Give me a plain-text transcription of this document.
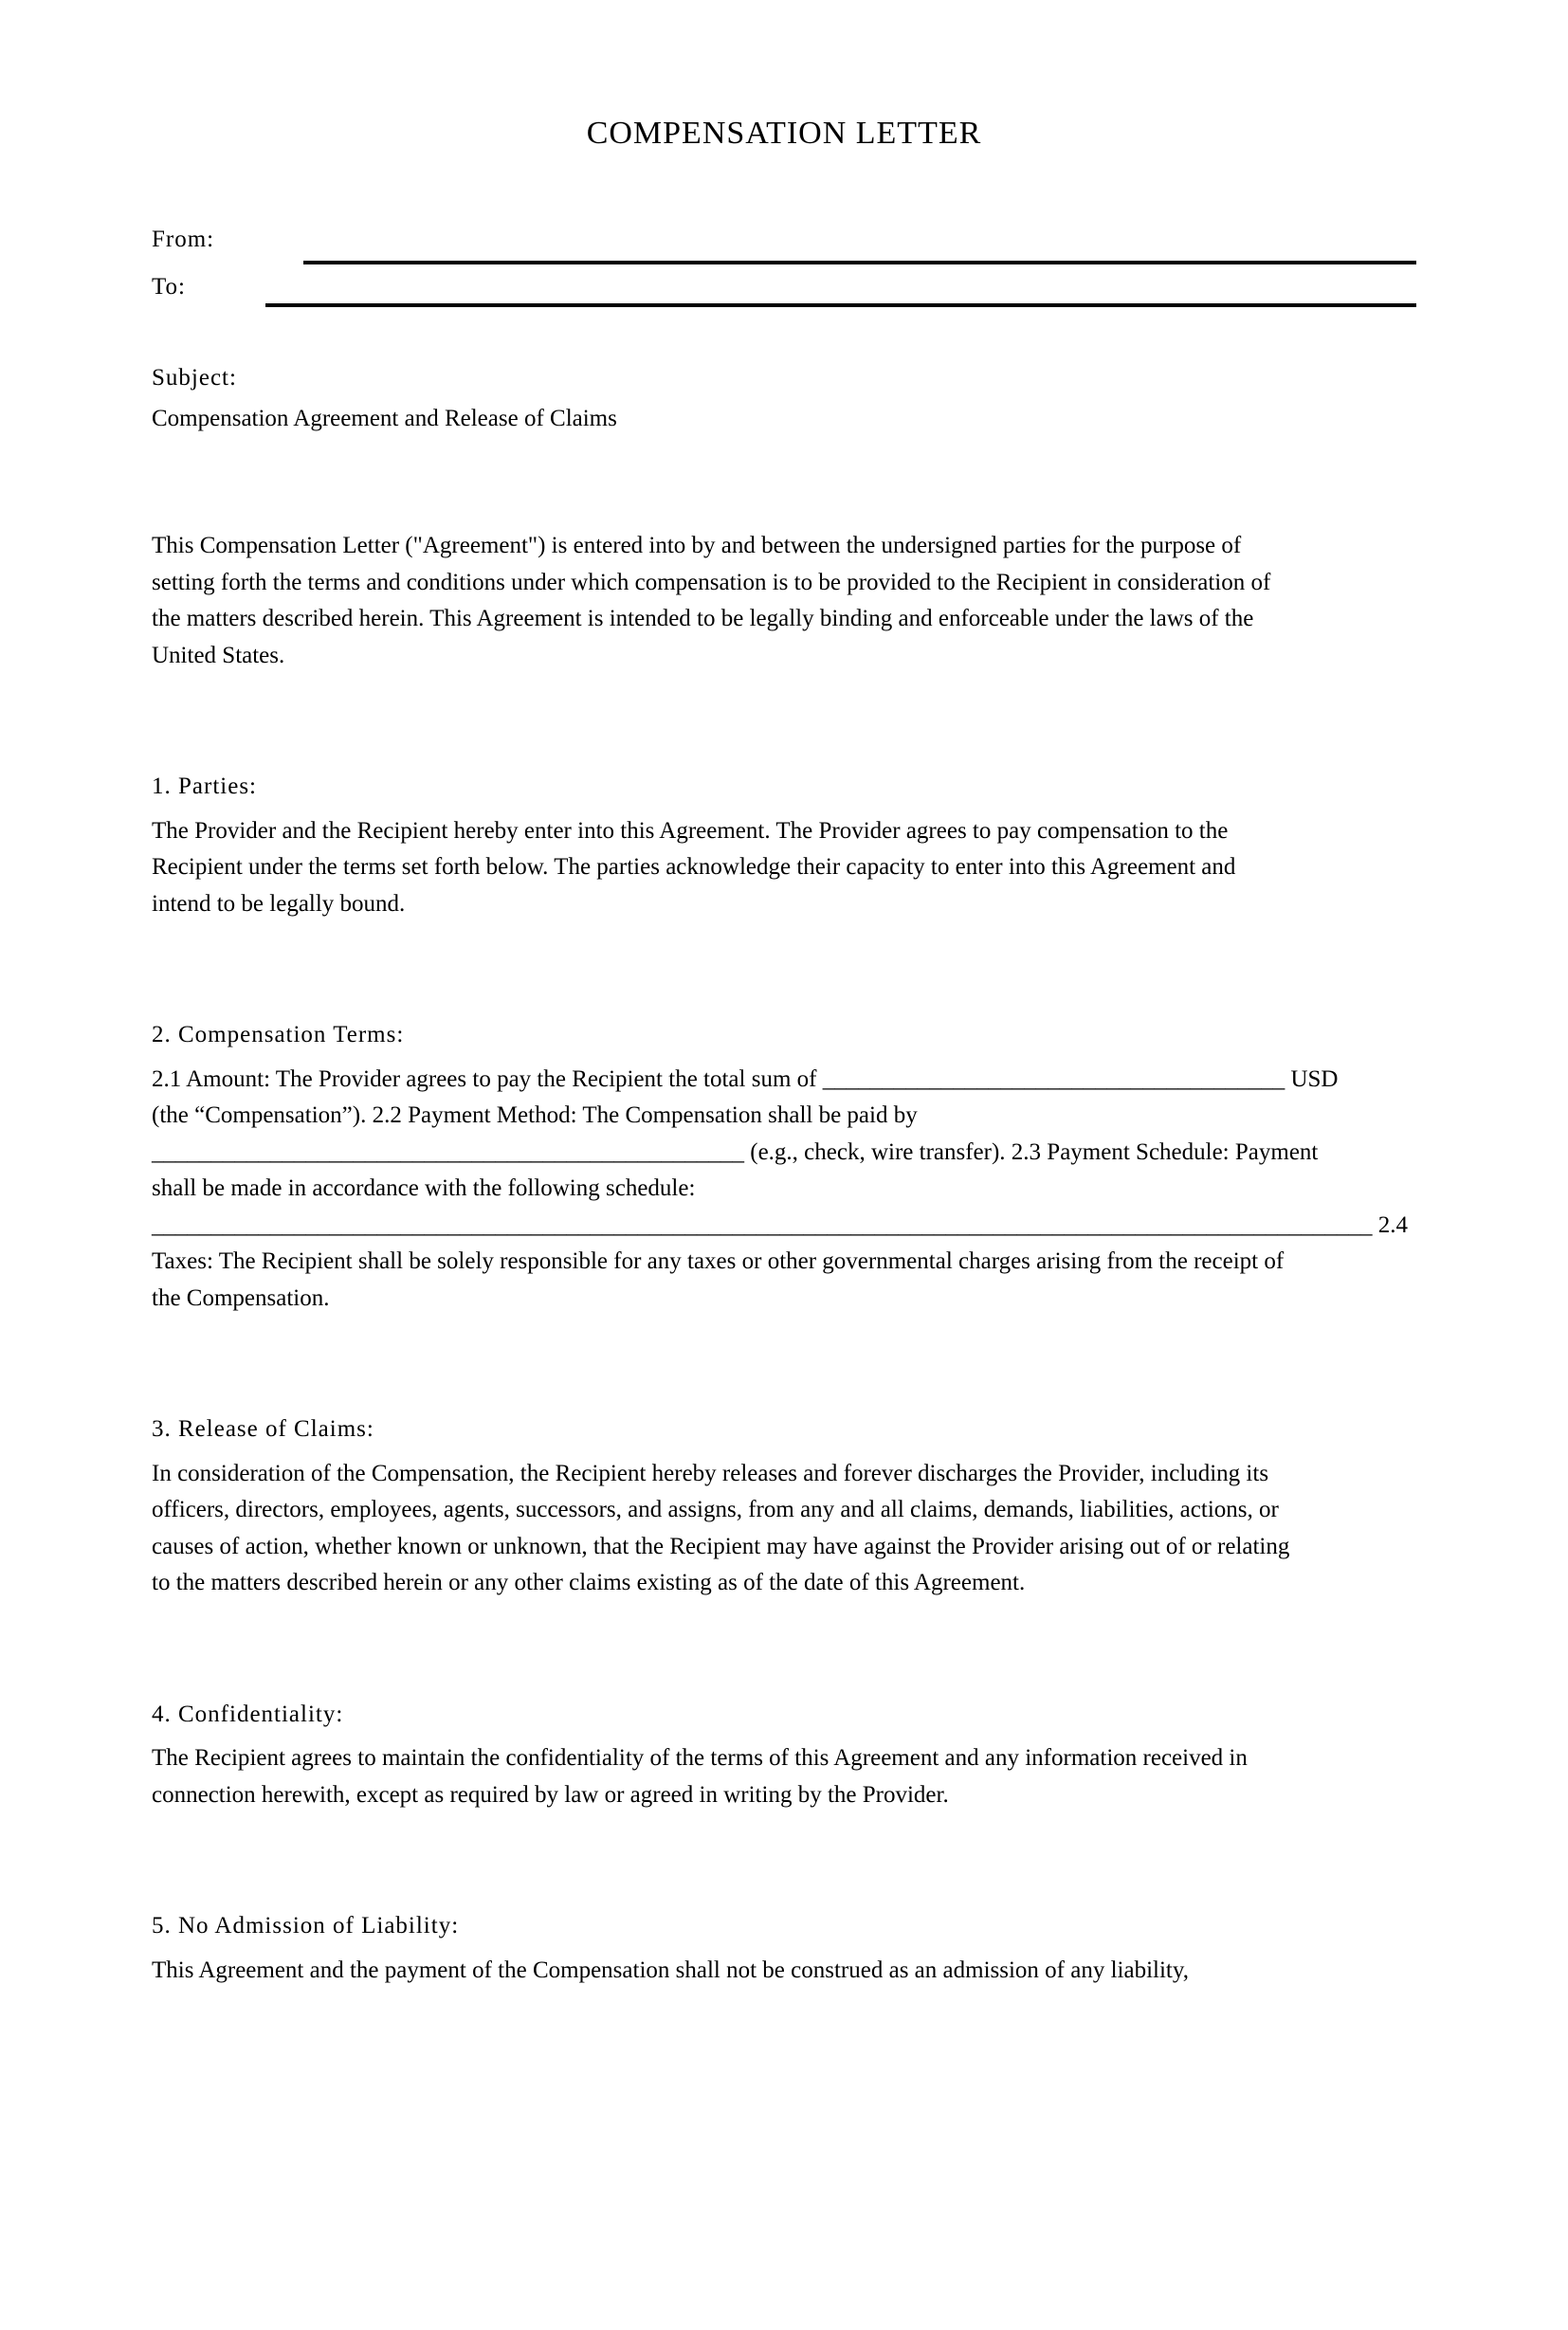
COMPENSATION LETTER
From:
To:
Subject:
Compensation Agreement and Release of Claims
This Compensation Letter ("Agreement") is entered into by and between the undersigned parties for the purpose of
setting forth the terms and conditions under which compensation is to be provided to the Recipient in consideration of
the matters described herein. This Agreement is intended to be legally binding and enforceable under the laws of the
United States.
1. Parties:
The Provider and the Recipient hereby enter into this Agreement. The Provider agrees to pay compensation to the
Recipient under the terms set forth below. The parties acknowledge their capacity to enter into this Agreement and
intend to be legally bound.
2. Compensation Terms:
2.1 Amount: The Provider agrees to pay the Recipient the total sum of _______________________________________ USD
(the “Compensation”). 2.2 Payment Method: The Compensation shall be paid by
__________________________________________________ (e.g., check, wire transfer). 2.3 Payment Schedule: Payment
shall be made in accordance with the following schedule:
_______________________________________________________________________________________________________ 2.4
Taxes: The Recipient shall be solely responsible for any taxes or other governmental charges arising from the receipt of
the Compensation.
3. Release of Claims:
In consideration of the Compensation, the Recipient hereby releases and forever discharges the Provider, including its
officers, directors, employees, agents, successors, and assigns, from any and all claims, demands, liabilities, actions, or
causes of action, whether known or unknown, that the Recipient may have against the Provider arising out of or relating
to the matters described herein or any other claims existing as of the date of this Agreement.
4. Confidentiality:
The Recipient agrees to maintain the confidentiality of the terms of this Agreement and any information received in
connection herewith, except as required by law or agreed in writing by the Provider.
5. No Admission of Liability:
This Agreement and the payment of the Compensation shall not be construed as an admission of any liability,
